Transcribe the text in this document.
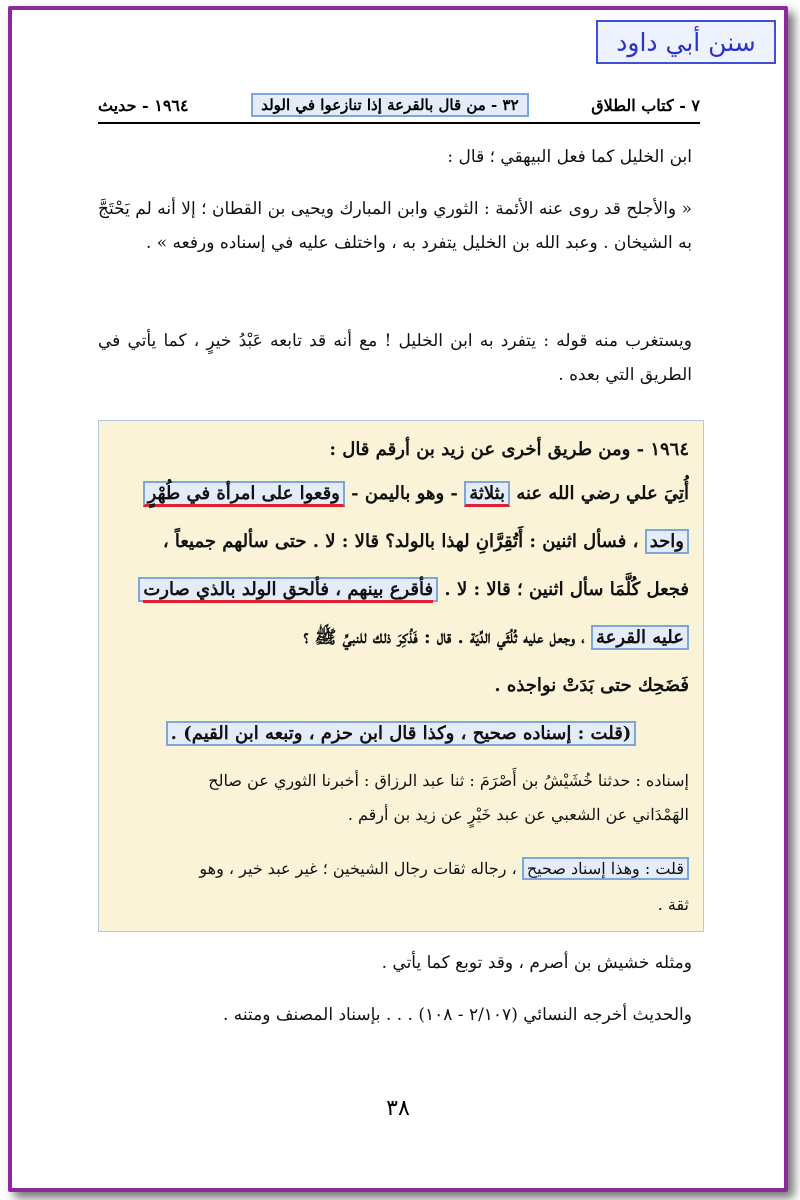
سنن أبي داود
٧ - كتاب الطلاق
٣٢ - من قال بالقرعة إذا تنازعوا في الولد
١٩٦٤ - حديث
ابن الخليل كما فعل البيهقي ؛ قال :
« والأجلح قد روى عنه الأئمة : الثوري وابن المبارك ويحيى بن القطان ؛ إلا أنه لم يَحْتَجَّ به الشيخان . وعبد الله بن الخليل يتفرد به ، واختلف عليه في إسناده ورفعه » .
ويستغرب منه قوله : يتفرد به ابن الخليل ! مع أنه قد تابعه عَبْدُ خيرٍ ، كما يأتي في الطريق التي بعده .
١٩٦٤ - ومن طريق أخرى عن زيد بن أرقم قال :
أُتِيَ علي رضي الله عنه بثلاثة - وهو باليمن - وقعوا على امرأة في طُهْرٍ
واحد ، فسأل اثنين : أَتُقِرَّانِ لهذا بالولد؟ قالا : لا . حتى سألهم جميعاً ،
فجعل كُلَّمَا سأل اثنين ؛ قالا : لا . فأقرع بينهم ، فألحق الولد بالذي صارت
عليه القرعة ، وجعل عليه ثُلُثَي الدِّيَة . قال : فَذُكِرَ ذلك للنبيِّ ﷺ ؟
فَضَحِك حتى بَدَتْ نواجذه .
(قلت : إسناده صحيح ، وكذا قال ابن حزم ، وتبعه ابن القيم) .
إسناده : حدثنا خُشَيْشُ بن أَصْرَمَ : ثنا عبد الرزاق : أخبرنا الثوري عن صالح
الهَمْدَاني عن الشعبي عن عبد خَيْرٍ عن زيد بن أرقم .
قلت : وهذا إسناد صحيح ، رجاله ثقات رجال الشيخين ؛ غير عبد خير ، وهو
ثقة .
ومثله خشيش بن أصرم ، وقد توبع كما يأتي .
والحديث أخرجه النسائي (٢/١٠٧ - ١٠٨) . . . بإسناد المصنف ومتنه .
٣٨
